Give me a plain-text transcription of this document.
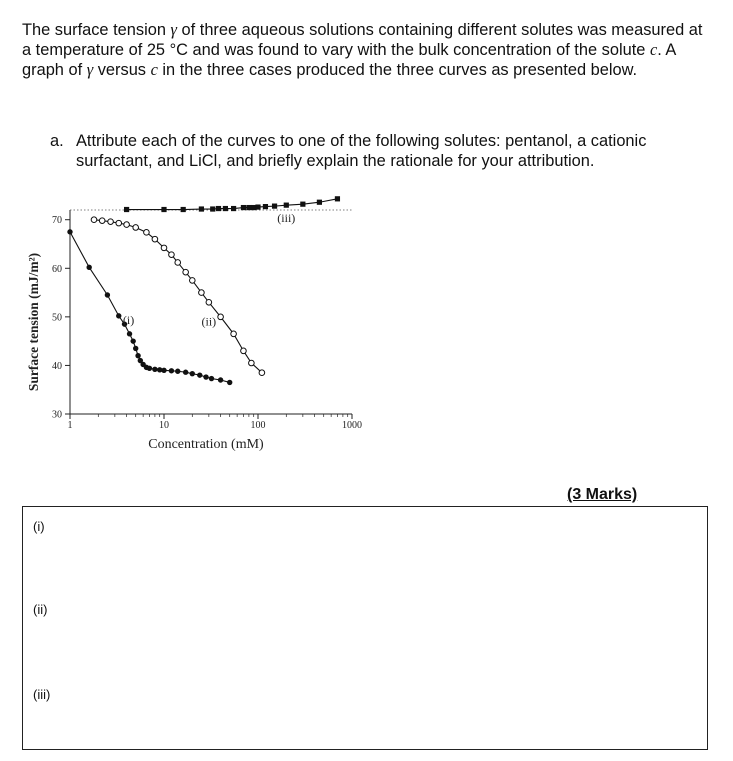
The surface tension γ of three aqueous solutions containing different solutes was measured at a temperature of 25 °C and was found to vary with the bulk concentration of the solute c. A graph of γ versus c in the three cases produced the three curves as presented below.

a. Attribute each of the curves to one of the following solutes: pentanol, a cationic surfactant, and LiCl, and briefly explain the rationale for your attribution.
30
40
50
60
70
1	10	100	1000
Concentration (mM)
Surface tension (mJ/m²)	(i)	(ii)
(iii)
(3 Marks)
(i)
(ii)
(iii)
